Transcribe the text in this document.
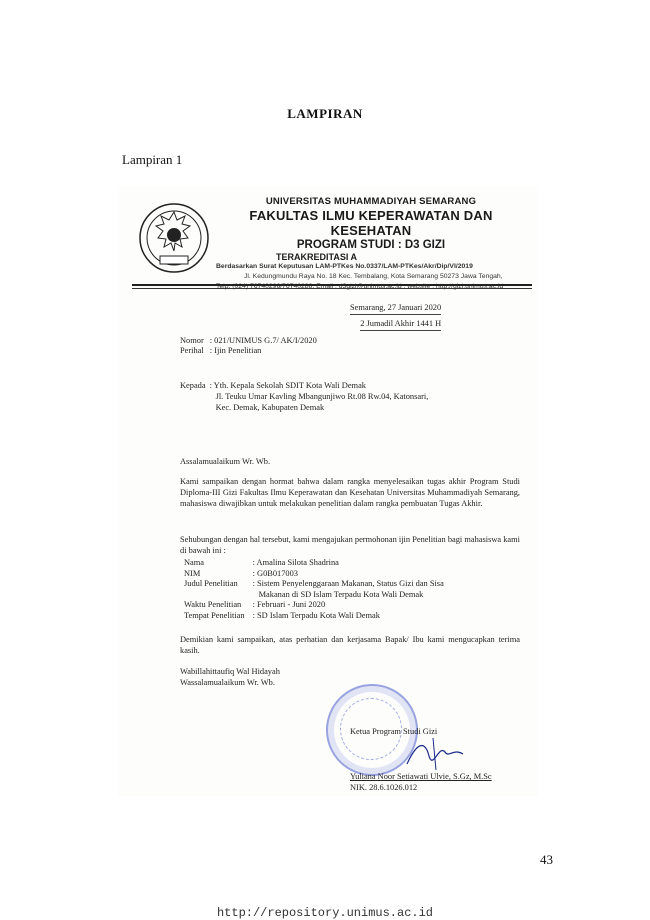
LAMPIRAN
Lampiran 1
UNIVERSITAS MUHAMMADIYAH SEMARANG
FAKULTAS ILMU KEPERAWATAN DAN KESEHATAN
PROGRAM STUDI : D3 GIZI
TERAKREDITASI A
Berdasarkan Surat Keputusan LAM-PTKes No.0337/LAM-PTKes/Akr/Dip/VI/2019
Jl. Kedungmundu Raya No. 18 Kec. Tembalang, Kota Semarang 50273 Jawa Tengah,
Telp. (024) 76740296/76740288, Email : d3gizi@unimus.ac.id ; website : http://gizi.unimus.ac.id
Semarang, 27 Januari 2020
2 Jumadil Akhir 1441 H
Nomor	: 021/UNIMUS G.7/ AK/I/2020
Perihal	: Ijin Penelitian
Kepada	: Yth. Kepala Sekolah SDIT Kota Wali Demak
Jl. Teuku Umar Kavling Mbangunjiwo Rt.08 Rw.04, Katonsari,
Kec. Demak, Kabupaten Demak
Assalamualaikum Wr. Wb.
Kami sampaikan dengan hormat bahwa dalam rangka menyelesaikan tugas akhir Program Studi Diploma-III Gizi Fakultas Ilmu Keperawatan dan Kesehatan Universitas Muhammadiyah Semarang, mahasiswa diwajibkan untuk melakukan penelitian dalam rangka pembuatan Tugas Akhir.
Sehubungan dengan hal tersebut, kami mengajukan permohonan ijin Penelitian bagi mahasiswa kami di bawah ini :
Nama	: Amalina Silota Shadrina
NIM	: G0B017003
Judul Penelitian	: Sistem Penyelenggaraan Makanan, Status Gizi dan Sisa
Makanan di SD Islam Terpadu Kota Wali Demak

Waktu Penelitian	: Februari - Juni 2020
Tempat Penelitian	: SD Islam Terpadu Kota Wali Demak
Demikian kami sampaikan, atas perhatian dan kerjasama Bapak/ Ibu kami mengucapkan terima kasih.
Wabillahittaufiq Wal Hidayah
Wassalamualaikum Wr. Wb.
Ketua Program Studi Gizi
Yuliana Noor Setiawati Ulvie, S.Gz, M.Sc
NIK. 28.6.1026.012
43
http://repository.unimus.ac.id
